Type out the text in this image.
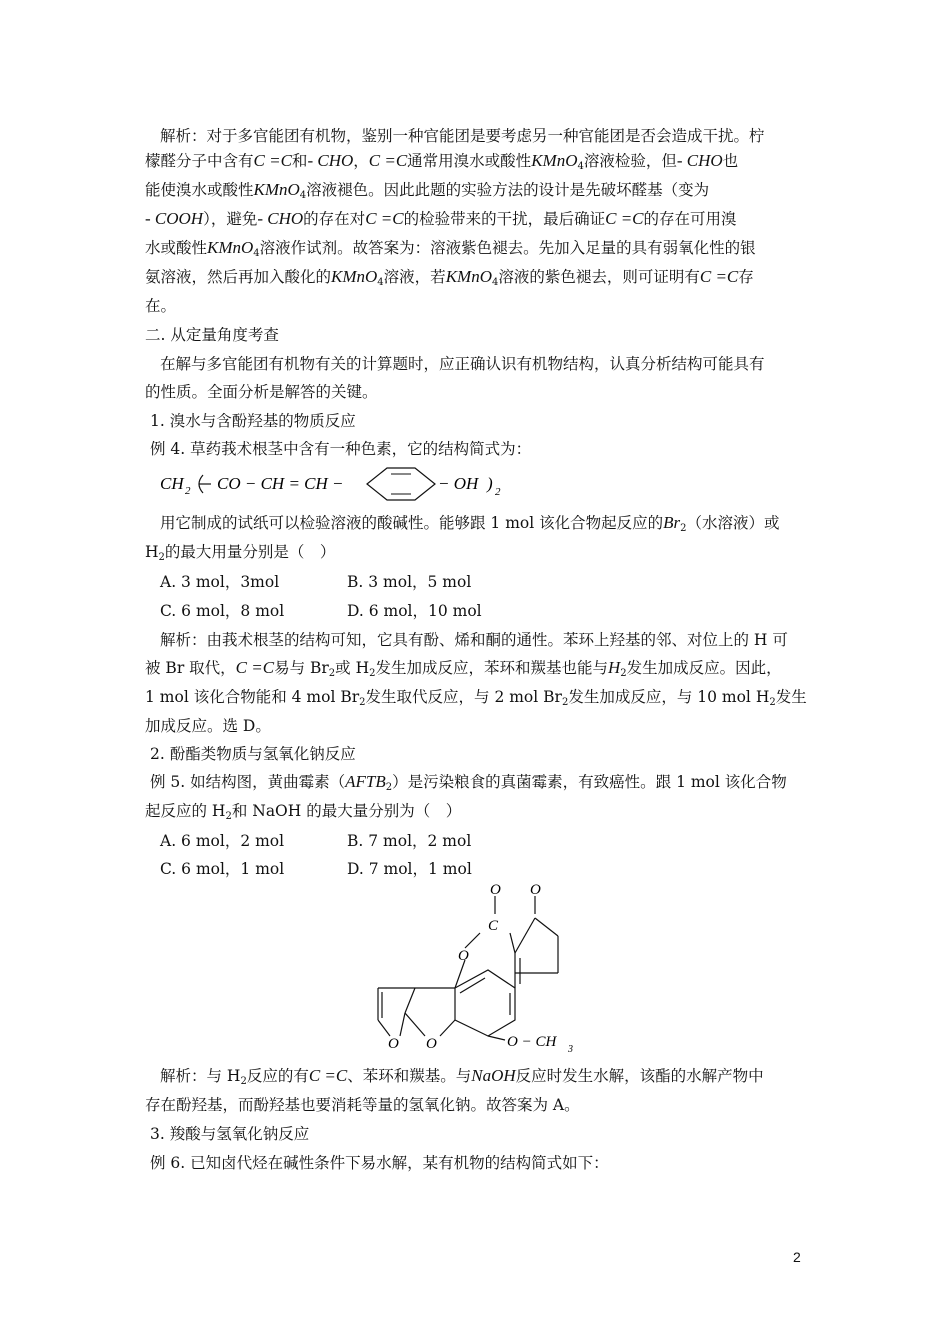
解析：对于多官能团有机物，鉴别一种官能团是要考虑另一种官能团是否会造成干扰。柠
檬醛分子中含有C =C和- CHO，C =C通常用溴水或酸性KMnO$_4$溶液检验，但- CHO也
能使溴水或酸性KMnO$_4$溶液褪色。因此此题的实验方法的设计是先破坏醛基（变为
- COOH），避免- CHO的存在对C =C的检验带来的干扰，最后确证C =C的存在可用溴
水或酸性KMnO$_4$溶液作试剂。故答案为：溶液紫色褪去。先加入足量的具有弱氧化性的银
氨溶液，然后再加入酸化的KMnO$_4$溶液，若KMnO$_4$溶液的紫色褪去，则可证明有C =C存
在。
二. 从定量角度考查
在解与多官能团有机物有关的计算题时，应正确认识有机物结构，认真分析结构可能具有
的性质。全面分析是解答的关键。
1. 溴水与含酚羟基的物质反应
例 4. 草药莪术根茎中含有一种色素，它的结构简式为：
CH 2 CO − CH = CH −	− OH ) 2
用它制成的试纸可以检验溶液的酸碱性。能够跟 1 mol 该化合物起反应的$Br_2$（水溶液）或
$H_2$的最大用量分别是（　）
A. 3 mol，3mol	B. 3 mol，5 mol
C. 6 mol，8 mol	D. 6 mol，10 mol
解析：由莪术根茎的结构可知，它具有酚、烯和酮的通性。苯环上羟基的邻、对位上的 H 可
被 Br 取代，C =C易与 $Br_2$或 $H_2$发生加成反应，苯环和羰基也能与$H_2$发生加成反应。因此，
1 mol 该化合物能和 4 mol $Br_2$发生取代反应，与 2 mol $Br_2$发生加成反应，与 10 mol $H_2$发生
加成反应。选 D。
2. 酚酯类物质与氢氧化钠反应
例 5. 如结构图，黄曲霉素$(AFTB_2)$是污染粮食的真菌霉素，有致癌性。跟 1 mol 该化合物
起反应的 $H_2$和 NaOH 的最大量分别为（　）
A. 6 mol，2 mol	B. 7 mol，2 mol
C. 6 mol，1 mol	D. 7 mol，1 mol
O O
C
O
O O	O − CH 3
解析：与 $H_2$反应的有C =C、苯环和羰基。与NaOH反应时发生水解，该酯的水解产物中
存在酚羟基，而酚羟基也要消耗等量的氢氧化钠。故答案为 A。
3. 羧酸与氢氧化钠反应
例 6. 已知卤代烃在碱性条件下易水解，某有机物的结构简式如下：
2
